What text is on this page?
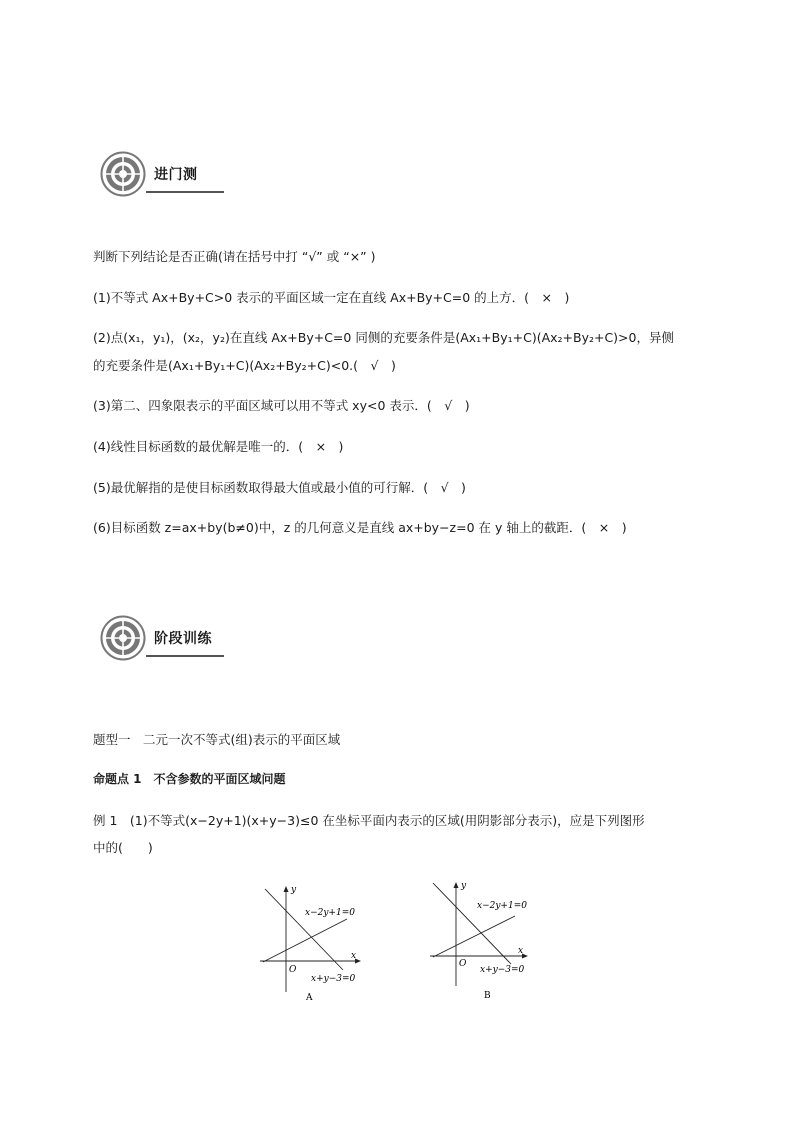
进门测
判断下列结论是否正确(请在括号中打 “√” 或 “×” )
(1)不等式 Ax+By+C>0 表示的平面区域一定在直线 Ax+By+C=0 的上方．(　×　)
(2)点(x₁，y₁)，(x₂，y₂)在直线 Ax+By+C=0 同侧的充要条件是(Ax₁+By₁+C)(Ax₂+By₂+C)>0，异侧
的充要条件是(Ax₁+By₁+C)(Ax₂+By₂+C)<0.(　√　)
(3)第二、四象限表示的平面区域可以用不等式 xy<0 表示．(　√　)
(4)线性目标函数的最优解是唯一的．(　×　)
(5)最优解指的是使目标函数取得最大值或最小值的可行解．(　√　)
(6)目标函数 z=ax+by(b≠0)中，z 的几何意义是直线 ax+by−z=0 在 y 轴上的截距．(　×　)
阶段训练
题型一　二元一次不等式(组)表示的平面区域
命题点 1　不含参数的平面区域问题
例 1　(1)不等式(x−2y+1)(x+y−3)≤0 在坐标平面内表示的区域(用阴影部分表示)，应是下列图形
中的(　　)
y
x
O
x−2y+1=0
x+y−3=0
A
y
x
O
x−2y+1=0
x+y−3=0
B
